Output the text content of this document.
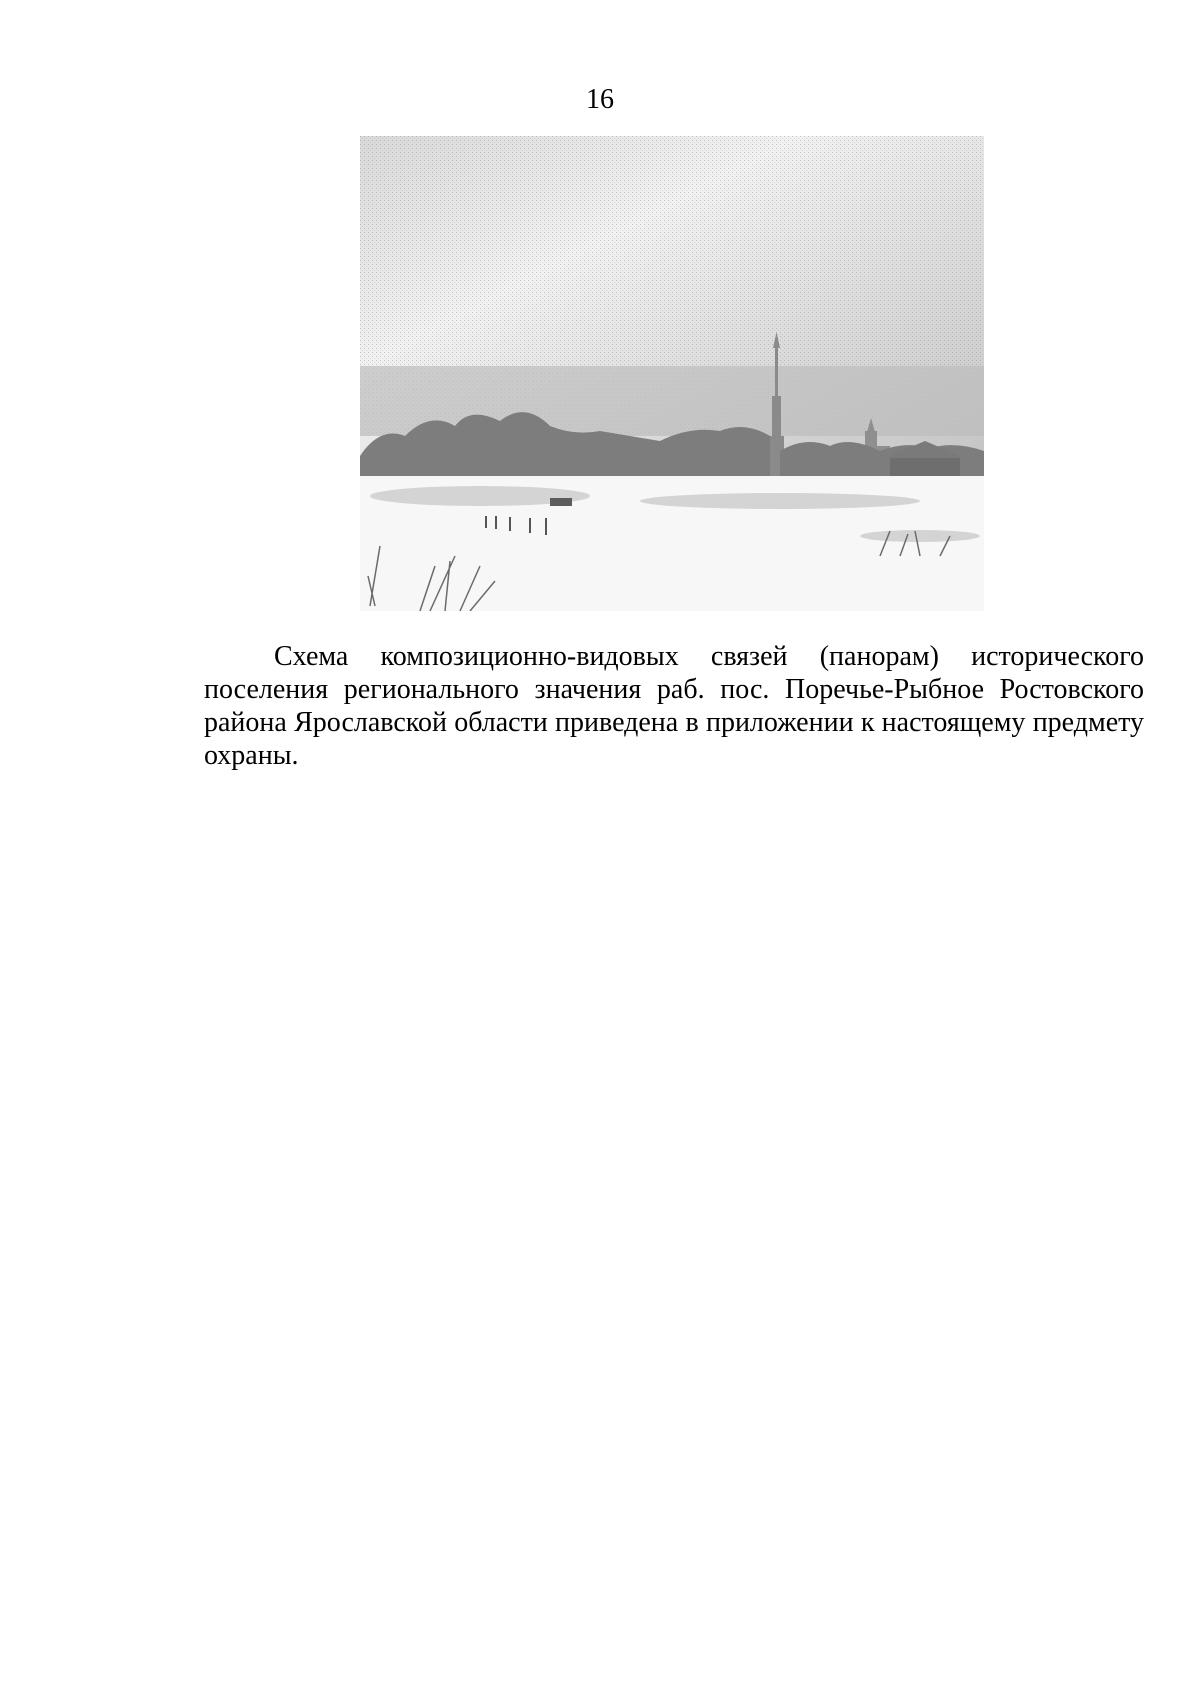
16

Схема композиционно-видовых связей (панорам) исторического поселения регионального значения раб. пос. Поречье-Рыбное Ростовского района Ярославской области приведена в приложении к настоящему предмету охраны.
